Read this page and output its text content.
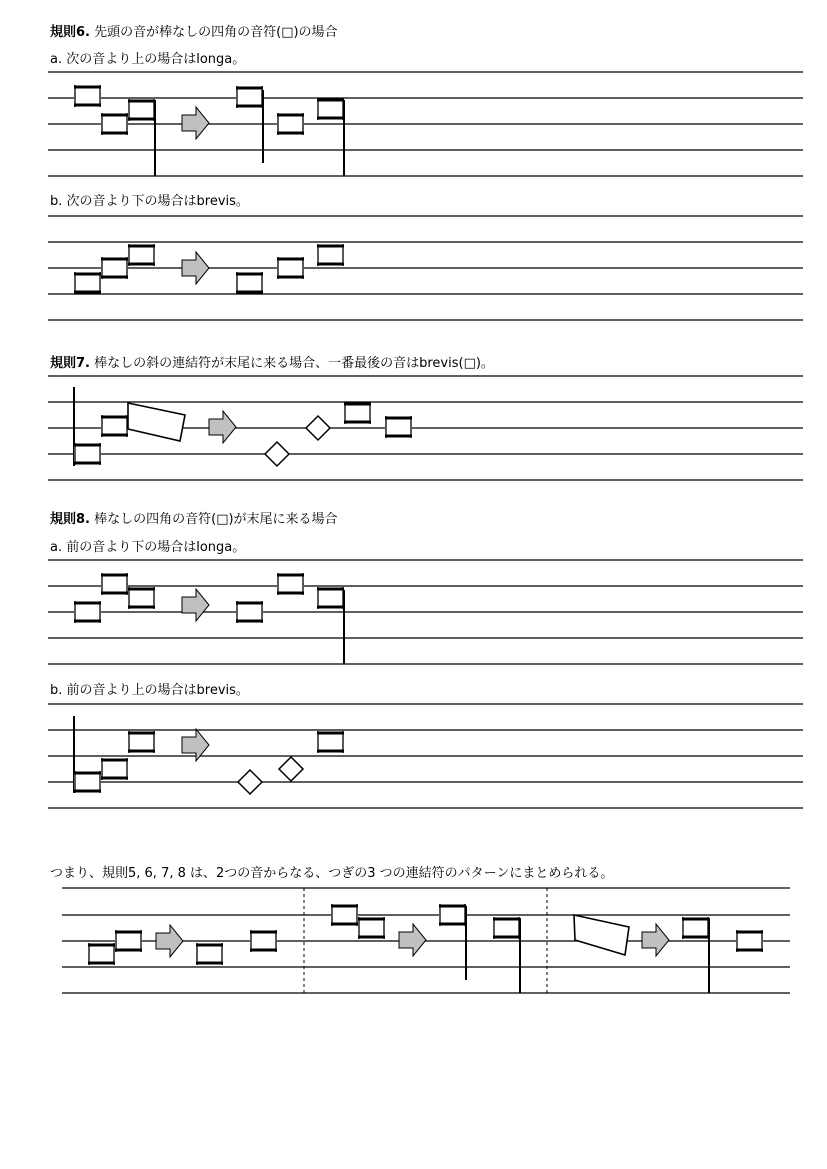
規則6. 先頭の音が棒なしの四角の音符(□)の場合
a. 次の音より上の場合はlonga。
b. 次の音より下の場合はbrevis。
規則7. 棒なしの斜の連結符が末尾に来る場合、一番最後の音はbrevis(□)。
規則8. 棒なしの四角の音符(□)が末尾に来る場合
a. 前の音より下の場合はlonga。
b. 前の音より上の場合はbrevis。
つまり、規則5, 6, 7, 8 は、2つの音からなる、つぎの3 つの連結符のパターンにまとめられる。
